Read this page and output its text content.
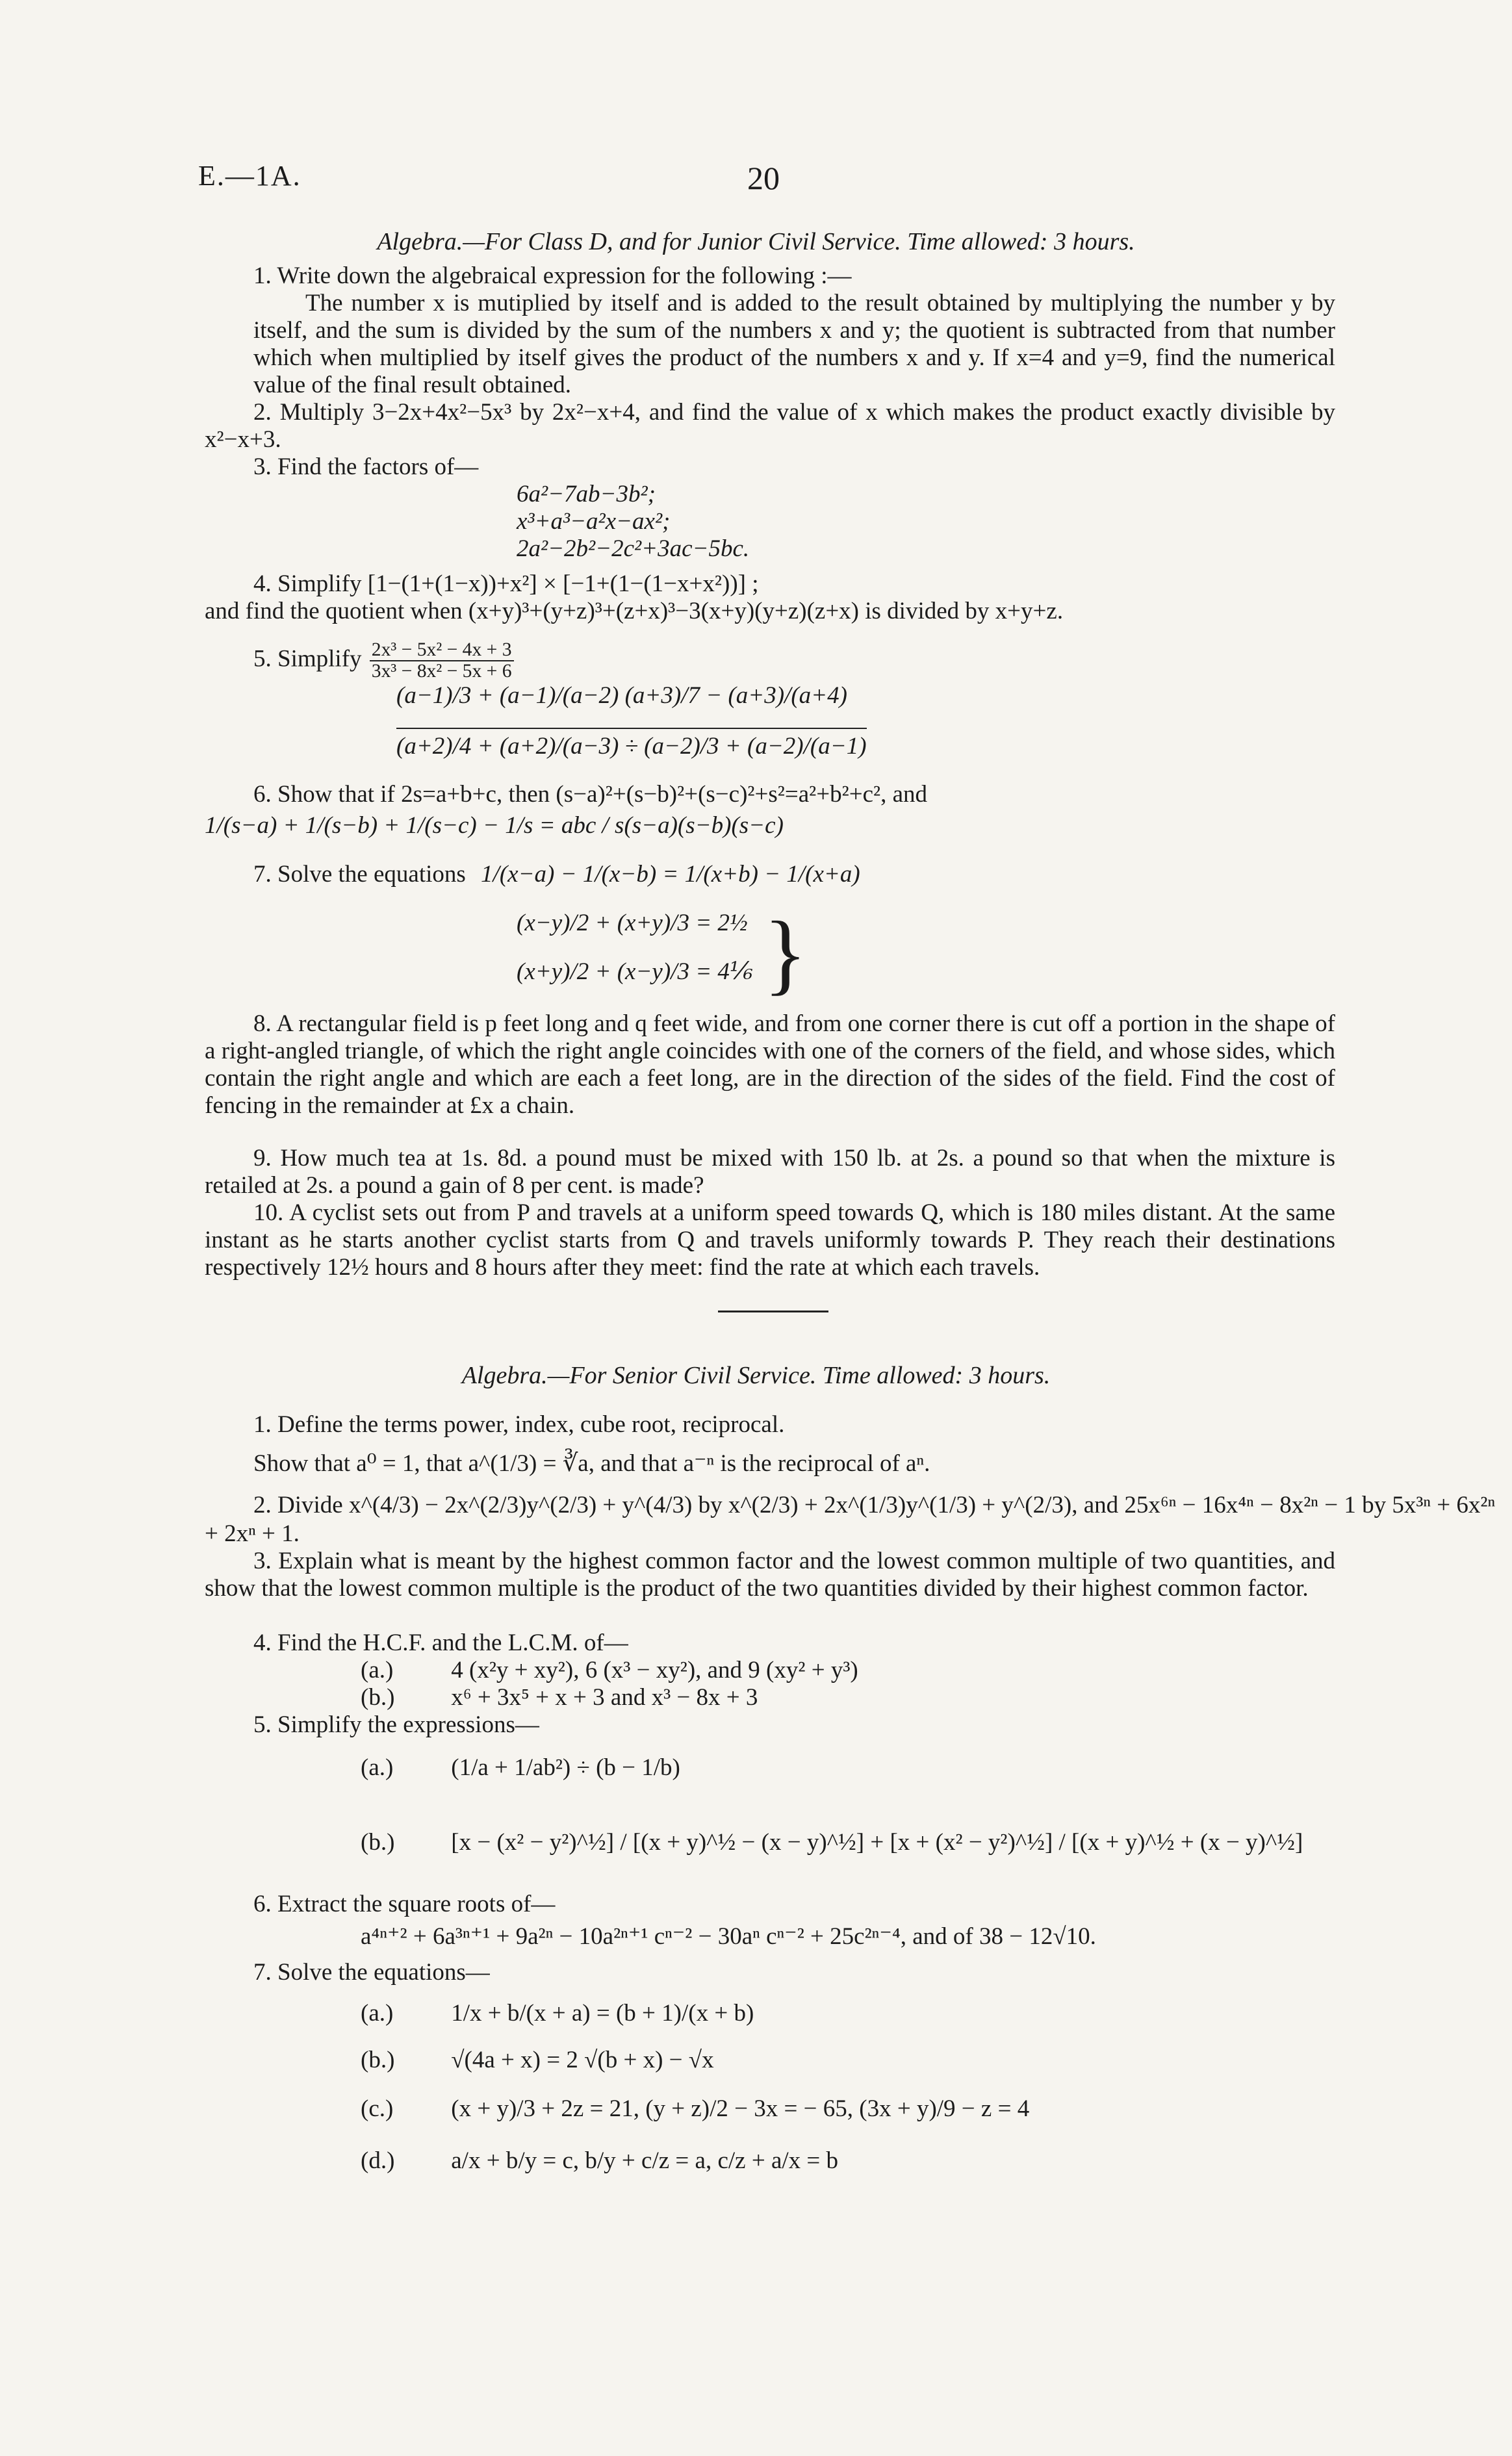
E.—1A.	20
Algebra.—For Class D, and for Junior Civil Service. Time allowed: 3 hours.
1. Write down the algebraical expression for the following :—
The number x is mutiplied by itself and is added to the result obtained by multiplying the number y by itself, and the sum is divided by the sum of the numbers x and y; the quotient is subtracted from that number which when multiplied by itself gives the product of the numbers x and y. If x=4 and y=9, find the numerical value of the final result obtained.
2. Multiply 3−2x+4x²−5x³ by 2x²−x+4, and find the value of x which makes the product exactly divisible by x²−x+3.
3. Find the factors of—
6a²−7ab−3b²;
x³+a³−a²x−ax²;
2a²−2b²−2c²+3ac−5bc.
4. Simplify [1−(1+(1−x))+x²] × [−1+(1−(1−x+x²))] ;
and find the quotient when (x+y)³+(y+z)³+(z+x)³−3(x+y)(y+z)(z+x) is divided by x+y+z.
5. Simplify $\frac{\text{2x³ − 5x² − 4x + 3}}{\text{3x³ − 8x² − 5x + 6}}$
(a−1)/3 + (a−1)/(a−2) (a+3)/7 − (a+3)/(a+4)
(a+2)/4 + (a+2)/(a−3) ÷ (a−2)/3 + (a−2)/(a−1)
6. Show that if 2s=a+b+c, then (s−a)²+(s−b)²+(s−c)²+s²=a²+b²+c², and
1/(s−a) + 1/(s−b) + 1/(s−c) − 1/s = abc / s(s−a)(s−b)(s−c)
7. Solve the equations 1/(x−a) − 1/(x−b) = 1/(x+b) − 1/(x+a)
(x−y)/2 + (x+y)/3 = 2½
(x+y)/2 + (x−y)/3 = 4⅙ }
8. A rectangular field is p feet long and q feet wide, and from one corner there is cut off a portion in the shape of a right-angled triangle, of which the right angle coincides with one of the corners of the field, and whose sides, which contain the right angle and which are each a feet long, are in the direction of the sides of the field. Find the cost of fencing in the remainder at £x a chain.
9. How much tea at 1s. 8d. a pound must be mixed with 150 lb. at 2s. a pound so that when the mixture is retailed at 2s. a pound a gain of 8 per cent. is made?
10. A cyclist sets out from P and travels at a uniform speed towards Q, which is 180 miles distant. At the same instant as he starts another cyclist starts from Q and travels uniformly towards P. They reach their destinations respectively 12½ hours and 8 hours after they meet: find the rate at which each travels.
Algebra.—For Senior Civil Service. Time allowed: 3 hours.
1. Define the terms power, index, cube root, reciprocal.
Show that a⁰ = 1, that a^(1/3) = ∛a, and that a⁻ⁿ is the reciprocal of aⁿ.
2. Divide x^(4/3) − 2x^(2/3)y^(2/3) + y^(4/3) by x^(2/3) + 2x^(1/3)y^(1/3) + y^(2/3), and 25x⁶ⁿ − 16x⁴ⁿ − 8x²ⁿ − 1 by 5x³ⁿ + 6x²ⁿ
+ 2xⁿ + 1.
3. Explain what is meant by the highest common factor and the lowest common multiple of two quantities, and show that the lowest common multiple is the product of the two quantities divided by their highest common factor.
4. Find the H.C.F. and the L.C.M. of—
(a.) 4 (x²y + xy²), 6 (x³ − xy²), and 9 (xy² + y³)
(b.) x⁶ + 3x⁵ + x + 3 and x³ − 8x + 3
5. Simplify the expressions—
(a.) (1/a + 1/ab²) ÷ (b − 1/b)
(b.) [x − (x² − y²)^½] / [(x + y)^½ − (x − y)^½] + [x + (x² − y²)^½] / [(x + y)^½ + (x − y)^½]
6. Extract the square roots of—
a⁴ⁿ⁺² + 6a³ⁿ⁺¹ + 9a²ⁿ − 10a²ⁿ⁺¹ cⁿ⁻² − 30aⁿ cⁿ⁻² + 25c²ⁿ⁻⁴, and of 38 − 12√10.
7. Solve the equations—
(a.) 1/x + b/(x + a) = (b + 1)/(x + b)
(b.) √(4a + x) = 2 √(b + x) − √x
(c.) (x + y)/3 + 2z = 21, (y + z)/2 − 3x = − 65, (3x + y)/9 − z = 4
(d.) a/x + b/y = c, b/y + c/z = a, c/z + a/x = b
